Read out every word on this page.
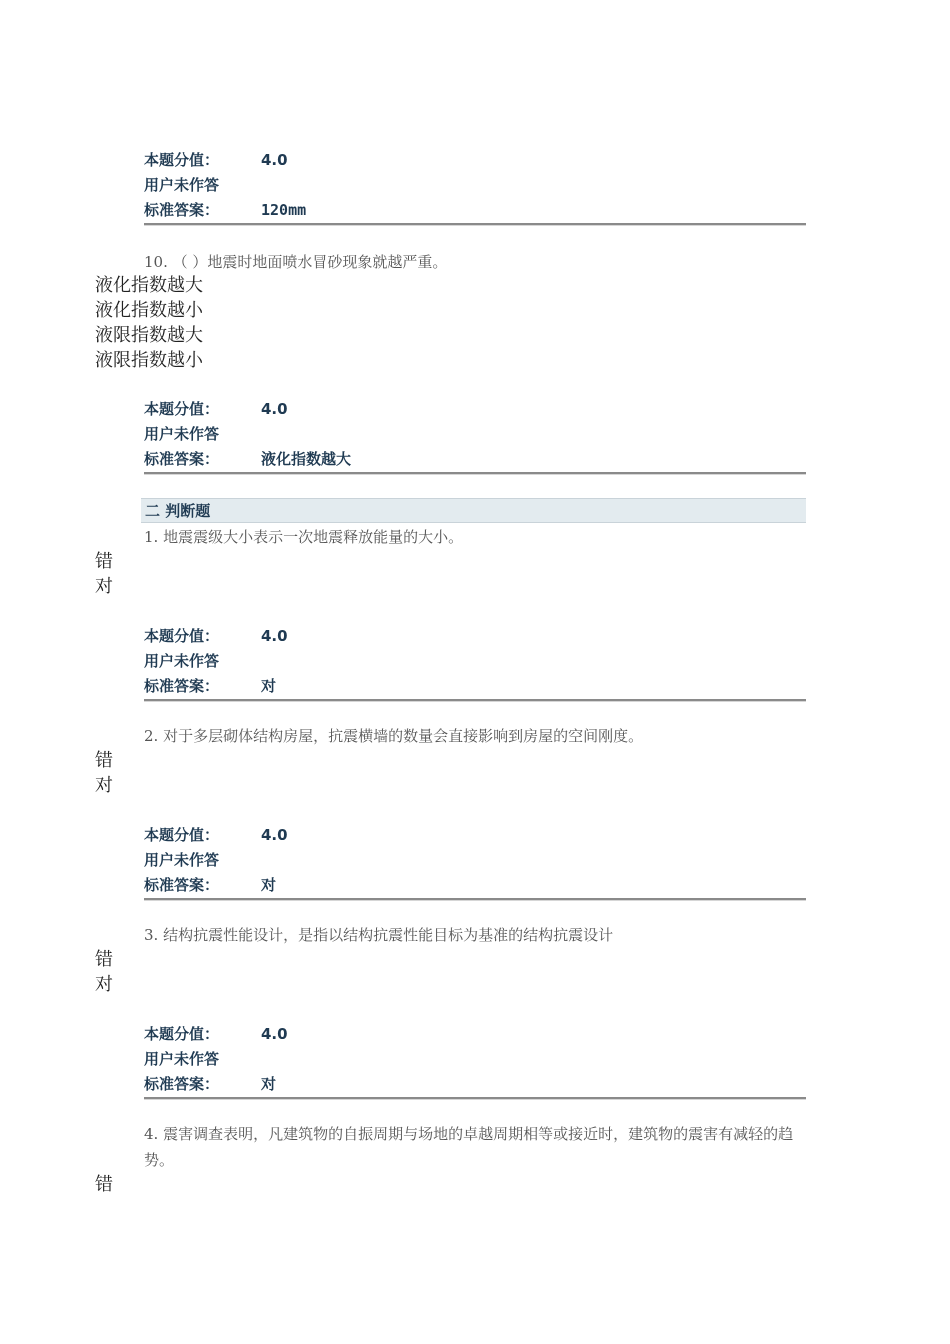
本题分值：	4.0
用户未作答
标准答案：	120mm
10. （ ）地震时地面喷水冒砂现象就越严重。
液化指数越大
液化指数越小
液限指数越大
液限指数越小
本题分值：	4.0
用户未作答
标准答案：	液化指数越大
二 判断题
1. 地震震级大小表示一次地震释放能量的大小。
错
对
本题分值：	4.0
用户未作答
标准答案：	对
2. 对于多层砌体结构房屋，抗震横墙的数量会直接影响到房屋的空间刚度。
错
对
本题分值：	4.0
用户未作答
标准答案：	对
3. 结构抗震性能设计，是指以结构抗震性能目标为基准的结构抗震设计
错
对
本题分值：	4.0
用户未作答
标准答案：	对
4. 震害调查表明，凡建筑物的自振周期与场地的卓越周期相等或接近时，建筑物的震害有减轻的趋势。
错
